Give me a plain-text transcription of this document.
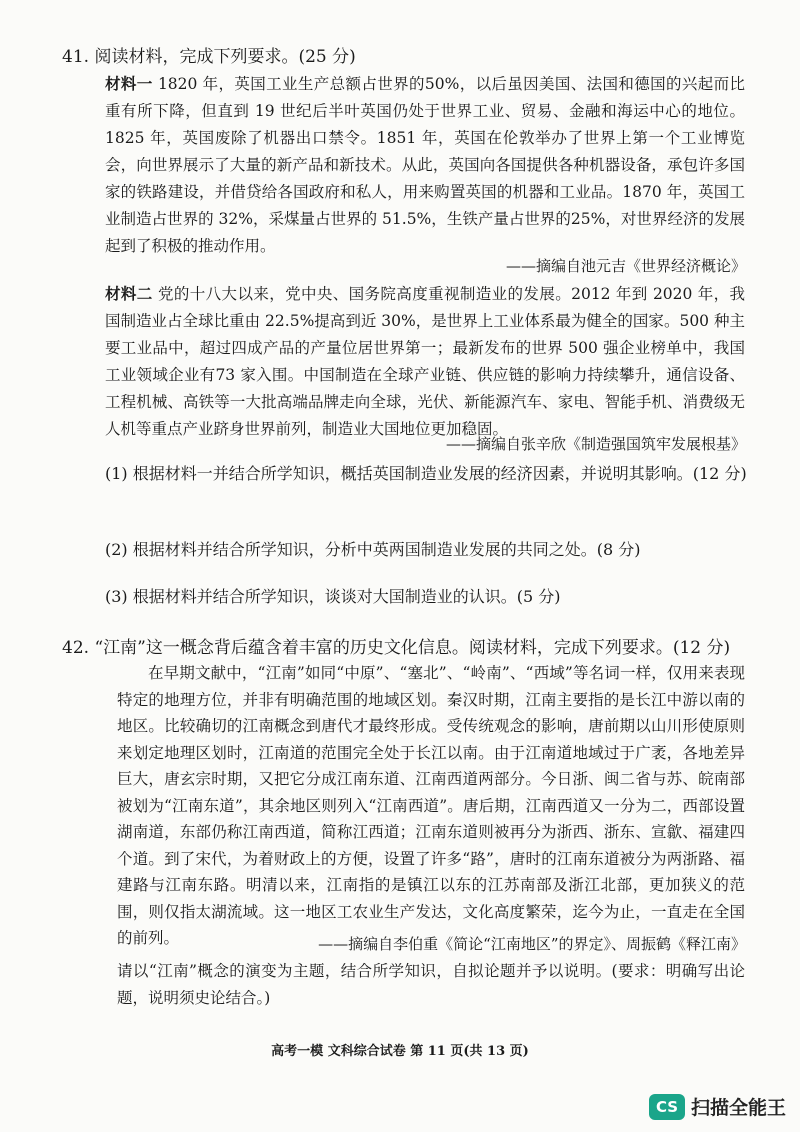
41. 阅读材料，完成下列要求。(25 分)
材料一 1820 年，英国工业生产总额占世界的50%，以后虽因美国、法国和德国的兴起而比重有所下降，但直到 19 世纪后半叶英国仍处于世界工业、贸易、金融和海运中心的地位。1825 年，英国废除了机器出口禁令。1851 年，英国在伦敦举办了世界上第一个工业博览会，向世界展示了大量的新产品和新技术。从此，英国向各国提供各种机器设备，承包许多国家的铁路建设，并借贷给各国政府和私人，用来购置英国的机器和工业品。1870 年，英国工业制造占世界的 32%，采煤量占世界的 51.5%，生铁产量占世界的25%，对世界经济的发展起到了积极的推动作用。
——摘编自池元吉《世界经济概论》
材料二 党的十八大以来，党中央、国务院高度重视制造业的发展。2012 年到 2020 年，我国制造业占全球比重由 22.5%提高到近 30%，是世界上工业体系最为健全的国家。500 种主要工业品中，超过四成产品的产量位居世界第一；最新发布的世界 500 强企业榜单中，我国工业领域企业有73 家入围。中国制造在全球产业链、供应链的影响力持续攀升，通信设备、工程机械、高铁等一大批高端品牌走向全球，光伏、新能源汽车、家电、智能手机、消费级无人机等重点产业跻身世界前列，制造业大国地位更加稳固。
——摘编自张辛欣《制造强国筑牢发展根基》
(1) 根据材料一并结合所学知识，概括英国制造业发展的经济因素，并说明其影响。(12 分)
(2) 根据材料并结合所学知识，分析中英两国制造业发展的共同之处。(8 分)
(3) 根据材料并结合所学知识，谈谈对大国制造业的认识。(5 分)
42. “江南”这一概念背后蕴含着丰富的历史文化信息。阅读材料，完成下列要求。(12 分)
在早期文献中，“江南”如同“中原”、“塞北”、“岭南”、“西域”等名词一样，仅用来表现特定的地理方位，并非有明确范围的地域区划。秦汉时期，江南主要指的是长江中游以南的地区。比较确切的江南概念到唐代才最终形成。受传统观念的影响，唐前期以山川形使原则来划定地理区划时，江南道的范围完全处于长江以南。由于江南道地域过于广袤，各地差异巨大，唐玄宗时期，又把它分成江南东道、江南西道两部分。今日浙、闽二省与苏、皖南部被划为“江南东道”，其余地区则列入“江南西道”。唐后期，江南西道又一分为二，西部设置湖南道，东部仍称江南西道，简称江西道；江南东道则被再分为浙西、浙东、宣歙、福建四个道。到了宋代，为着财政上的方便，设置了许多“路”，唐时的江南东道被分为两浙路、福建路与江南东路。明清以来，江南指的是镇江以东的江苏南部及浙江北部，更加狭义的范围，则仅指太湖流域。这一地区工农业生产发达，文化高度繁荣，迄今为止，一直走在全国的前列。	——摘编自李伯重《简论“江南地区”的界定》、周振鹤《释江南》
请以“江南”概念的演变为主题，结合所学知识，自拟论题并予以说明。(要求：明确写出论题，说明须史论结合。)
高考一模 文科综合试卷 第 11 页(共 13 页)
CS 扫描全能王
